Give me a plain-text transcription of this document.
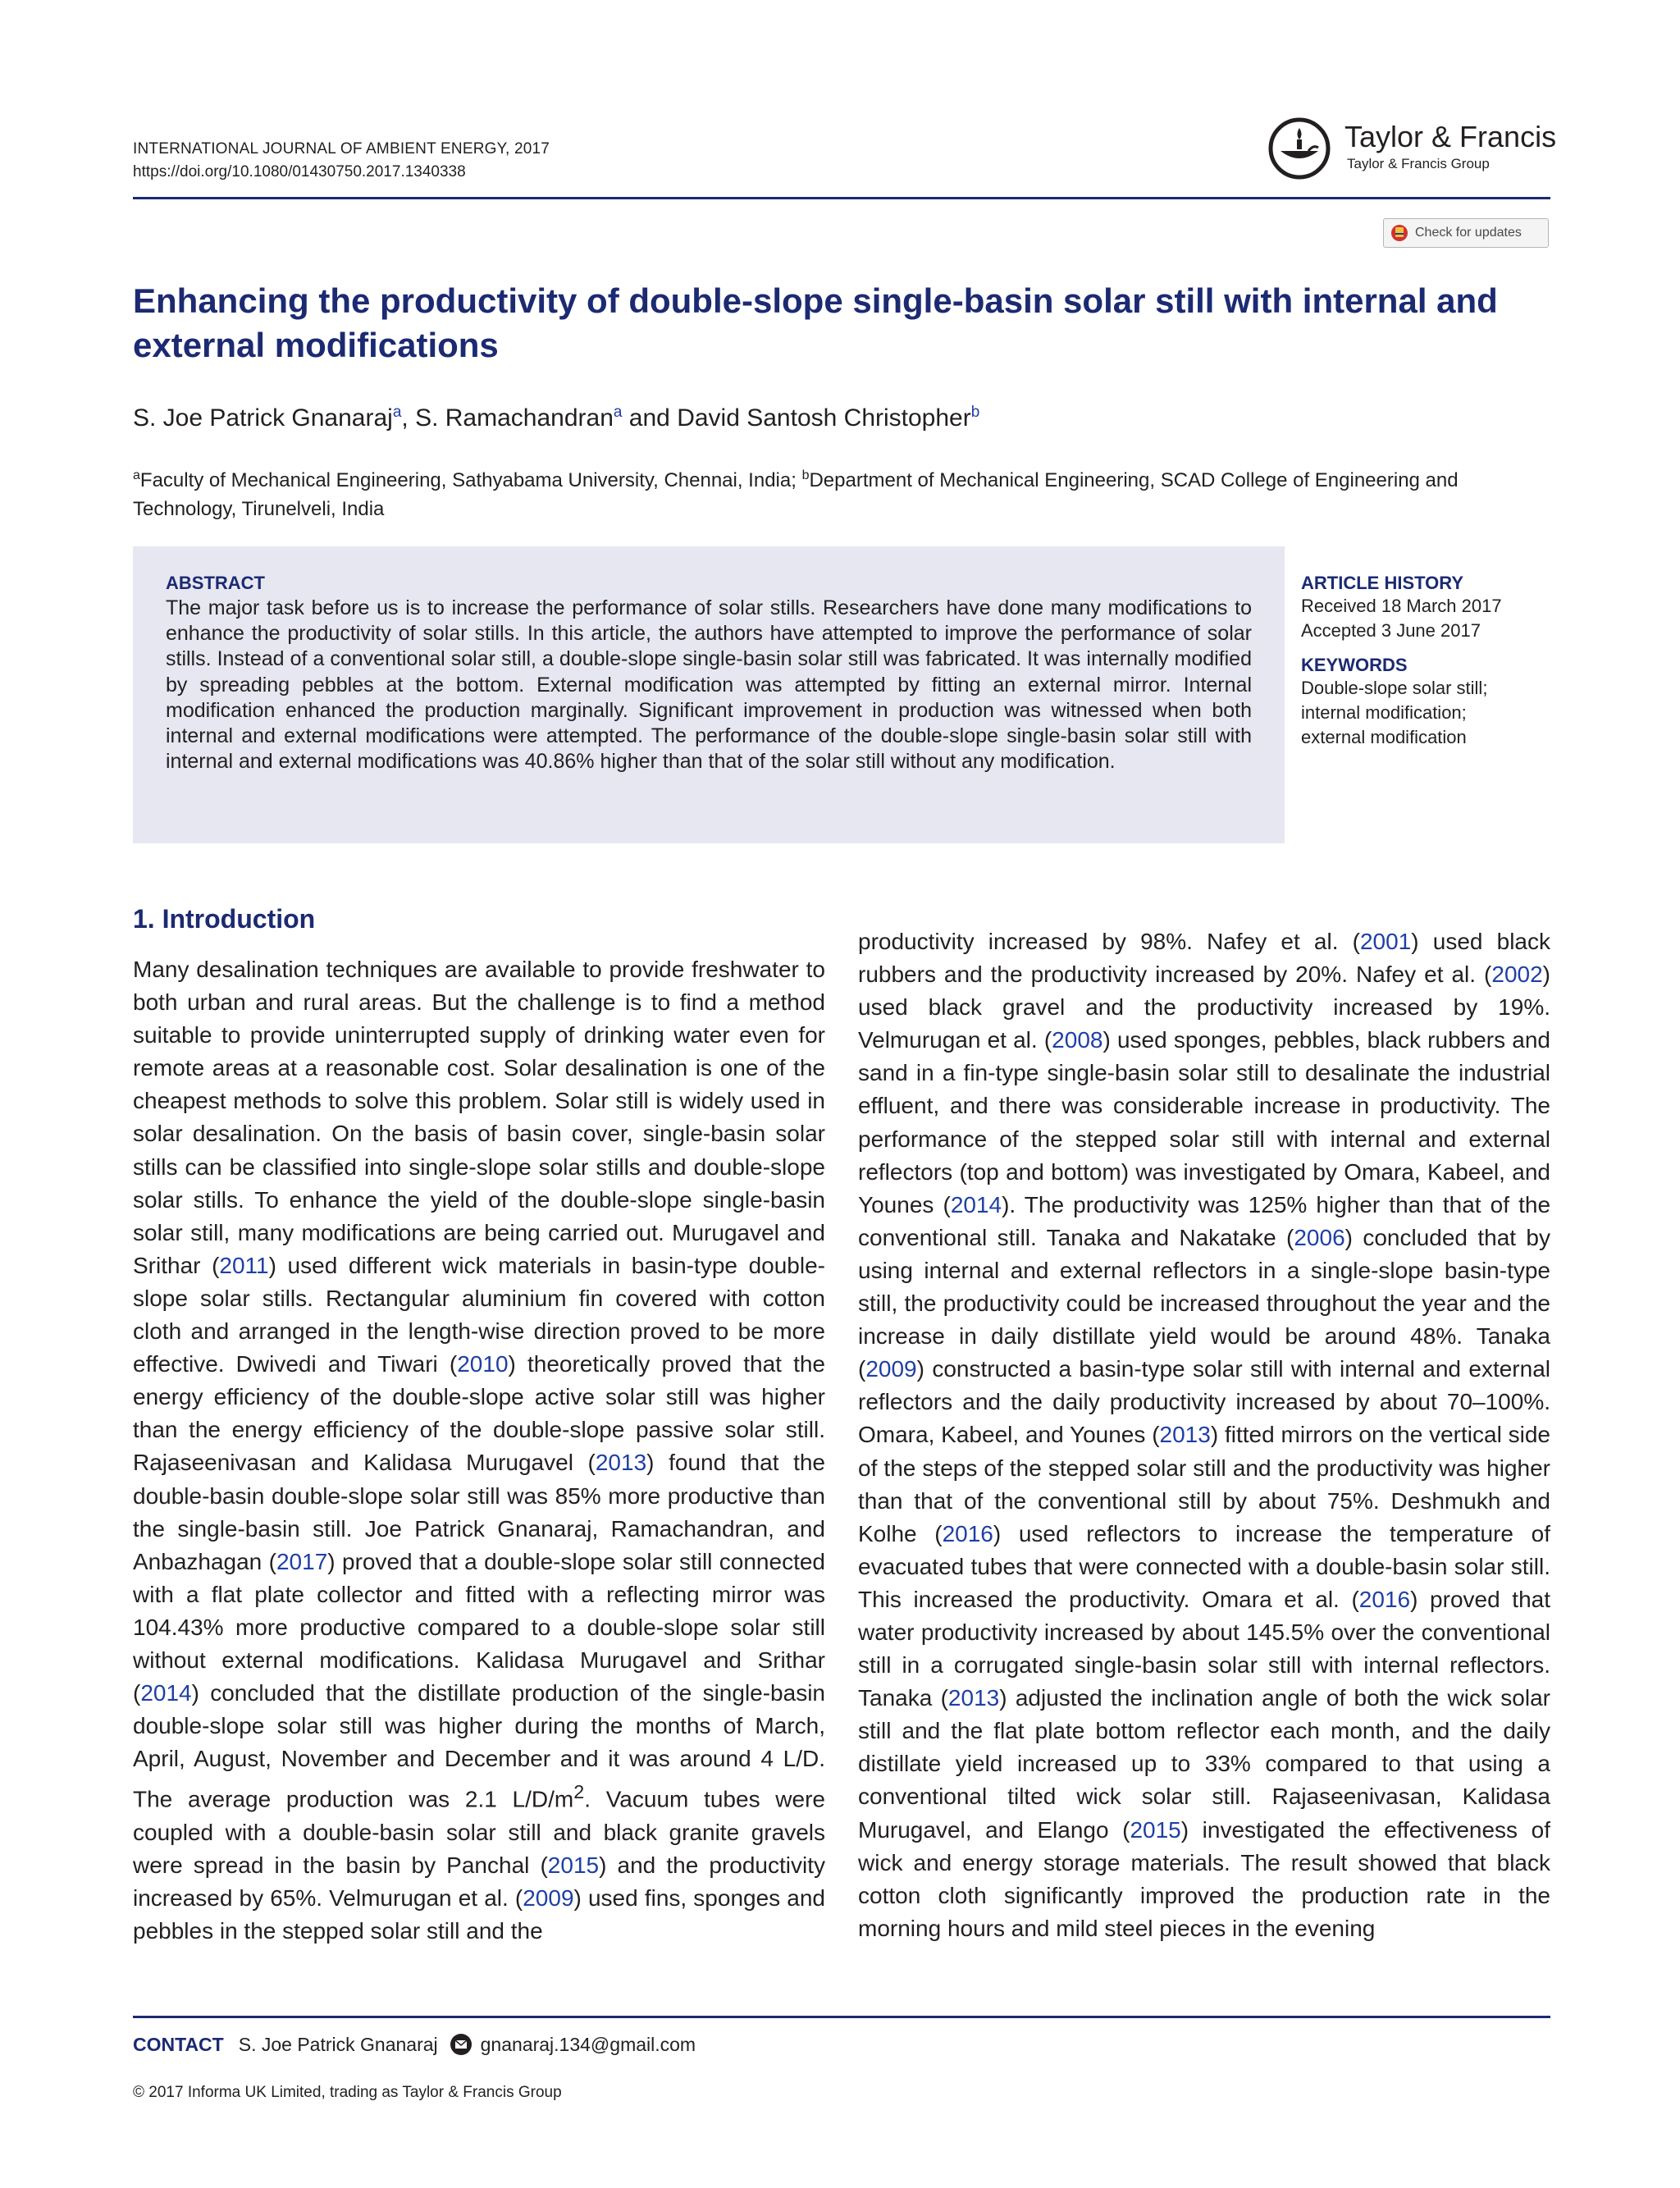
INTERNATIONAL JOURNAL OF AMBIENT ENERGY, 2017
https://doi.org/10.1080/01430750.2017.1340338
Taylor & Francis
Taylor & Francis Group
Check for updates
Enhancing the productivity of double-slope single-basin solar still with internal and external modifications
S. Joe Patrick Gnanaraj$^a$, S. Ramachandran$^a$ and David Santosh Christopher$^b$
$^a$Faculty of Mechanical Engineering, Sathyabama University, Chennai, India; $^b$Department of Mechanical Engineering, SCAD College of Engineering and Technology, Tirunelveli, India
ABSTRACT
The major task before us is to increase the performance of solar stills. Researchers have done many modifications to enhance the productivity of solar stills. In this article, the authors have attempted to improve the performance of solar stills. Instead of a conventional solar still, a double-slope single-basin solar still was fabricated. It was internally modified by spreading pebbles at the bottom. External modification was attempted by fitting an external mirror. Internal modification enhanced the production marginally. Significant improvement in production was witnessed when both internal and external modifications were attempted. The performance of the double-slope single-basin solar still with internal and external modifications was 40.86% higher than that of the solar still without any modification.
ARTICLE HISTORY
Received 18 March 2017
Accepted 3 June 2017
KEYWORDS
Double-slope solar still;
internal modification;
external modification
1. Introduction

Many desalination techniques are available to provide freshwater to both urban and rural areas. But the challenge is to find a method suitable to provide uninterrupted supply of drinking water even for remote areas at a reasonable cost. Solar desalination is one of the cheapest methods to solve this problem. Solar still is widely used in solar desalination. On the basis of basin cover, single-basin solar stills can be classified into single-slope solar stills and double-slope solar stills. To enhance the yield of the double-slope single-basin solar still, many modifications are being carried out. Murugavel and Srithar (2011) used different wick materials in basin-type double-slope solar stills. Rectangular aluminium fin covered with cotton cloth and arranged in the length-wise direction proved to be more effective. Dwivedi and Tiwari (2010) theoretically proved that the energy efficiency of the double-slope active solar still was higher than the energy efficiency of the double-slope passive solar still. Rajaseenivasan and Kalidasa Murugavel (2013) found that the double-basin double-slope solar still was 85% more productive than the single-basin still. Joe Patrick Gnanaraj, Ramachandran, and Anbazhagan (2017) proved that a double-slope solar still connected with a flat plate collector and fitted with a reflecting mirror was 104.43% more productive compared to a double-slope solar still without external modifications. Kalidasa Murugavel and Srithar (2014) concluded that the distillate production of the single-basin double-slope solar still was higher during the months of March, April, August, November and December and it was around 4 L/D. The average production was 2.1 $L/D/m^2$. Vacuum tubes were coupled with a double-basin solar still and black granite gravels were spread in the basin by Panchal (2015) and the productivity increased by 65%. Velmurugan et al. (2009) used fins, sponges and pebbles in the stepped solar still and the

productivity increased by 98%. Nafey et al. (2001) used black rubbers and the productivity increased by 20%. Nafey et al. (2002) used black gravel and the productivity increased by 19%. Velmurugan et al. (2008) used sponges, pebbles, black rubbers and sand in a fin-type single-basin solar still to desalinate the industrial effluent, and there was considerable increase in productivity. The performance of the stepped solar still with internal and external reflectors (top and bottom) was investigated by Omara, Kabeel, and Younes (2014). The productivity was 125% higher than that of the conventional still. Tanaka and Nakatake (2006) concluded that by using internal and external reflectors in a single-slope basin-type still, the productivity could be increased throughout the year and the increase in daily distillate yield would be around 48%. Tanaka (2009) constructed a basin-type solar still with internal and external reflectors and the daily productivity increased by about 70–100%. Omara, Kabeel, and Younes (2013) fitted mirrors on the vertical side of the steps of the stepped solar still and the productivity was higher than that of the conventional still by about 75%. Deshmukh and Kolhe (2016) used reflectors to increase the temperature of evacuated tubes that were connected with a double-basin solar still. This increased the productivity. Omara et al. (2016) proved that water productivity increased by about 145.5% over the conventional still in a corrugated single-basin solar still with internal reflectors. Tanaka (2013) adjusted the inclination angle of both the wick solar still and the flat plate bottom reflector each month, and the daily distillate yield increased up to 33% compared to that using a conventional tilted wick solar still. Rajaseenivasan, Kalidasa Murugavel, and Elango (2015) investigated the effectiveness of wick and energy storage materials. The result showed that black cotton cloth significantly improved the production rate in the morning hours and mild steel pieces in the evening

CONTACT S. Joe Patrick Gnanaraj gnanaraj.134@gmail.com
© 2017 Informa UK Limited, trading as Taylor & Francis Group
